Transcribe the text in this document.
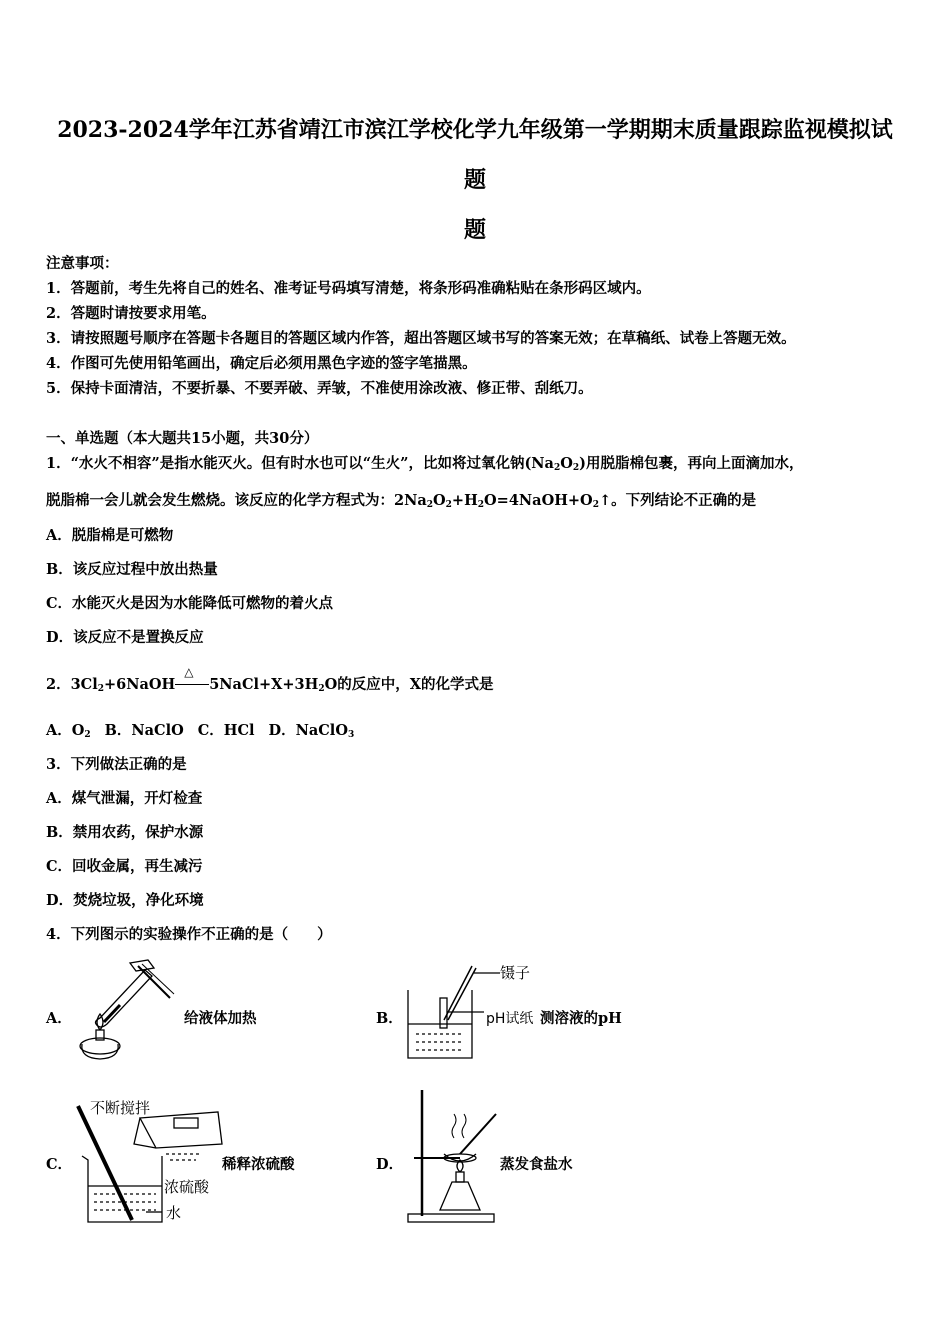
2023-2024学年江苏省靖江市滨江学校化学九年级第一学期期末质量跟踪监视模拟试
题
题
注意事项：
1．答题前，考生先将自己的姓名、准考证号码填写清楚，将条形码准确粘贴在条形码区域内。
2．答题时请按要求用笔。
3．请按照题号顺序在答题卡各题目的答题区域内作答，超出答题区域书写的答案无效；在草稿纸、试卷上答题无效。
4．作图可先使用铅笔画出，确定后必须用黑色字迹的签字笔描黑。
5．保持卡面清洁，不要折暴、不要弄破、弄皱，不准使用涂改液、修正带、刮纸刀。
一、单选题（本大题共15小题，共30分）
1．“水火不相容”是指水能灭火。但有时水也可以“生火”，比如将过氧化钠$(Na_2O_2)$用脱脂棉包裹，再向上面滴加水，
脱脂棉一会儿就会发生燃烧。该反应的化学方程式为：$2Na_2O_2+H_2O=4NaOH+O_2↑$。下列结论不正确的是
A．脱脂棉是可燃物
B．该反应过程中放出热量
C．水能灭火是因为水能降低可燃物的着火点
D．该反应不是置换反应
2．$3Cl_2+6NaOH$
△
$5NaCl+X+3H_2O$的反应中，X的化学式是
A．$O_2$ B．NaClO C．HCl D．NaClO$_3$
3．下列做法正确的是
A．煤气泄漏，开灯检查
B．禁用农药，保护水源
C．回收金属，再生减污
D．焚烧垃圾，净化环境
4．下列图示的实验操作不正确的是（　　）
A．	给液体加热	B．
镊子
pH试纸 测溶液的pH
C．
不断搅拌
浓硫酸
水
稀释浓硫酸	D．	蒸发食盐水
